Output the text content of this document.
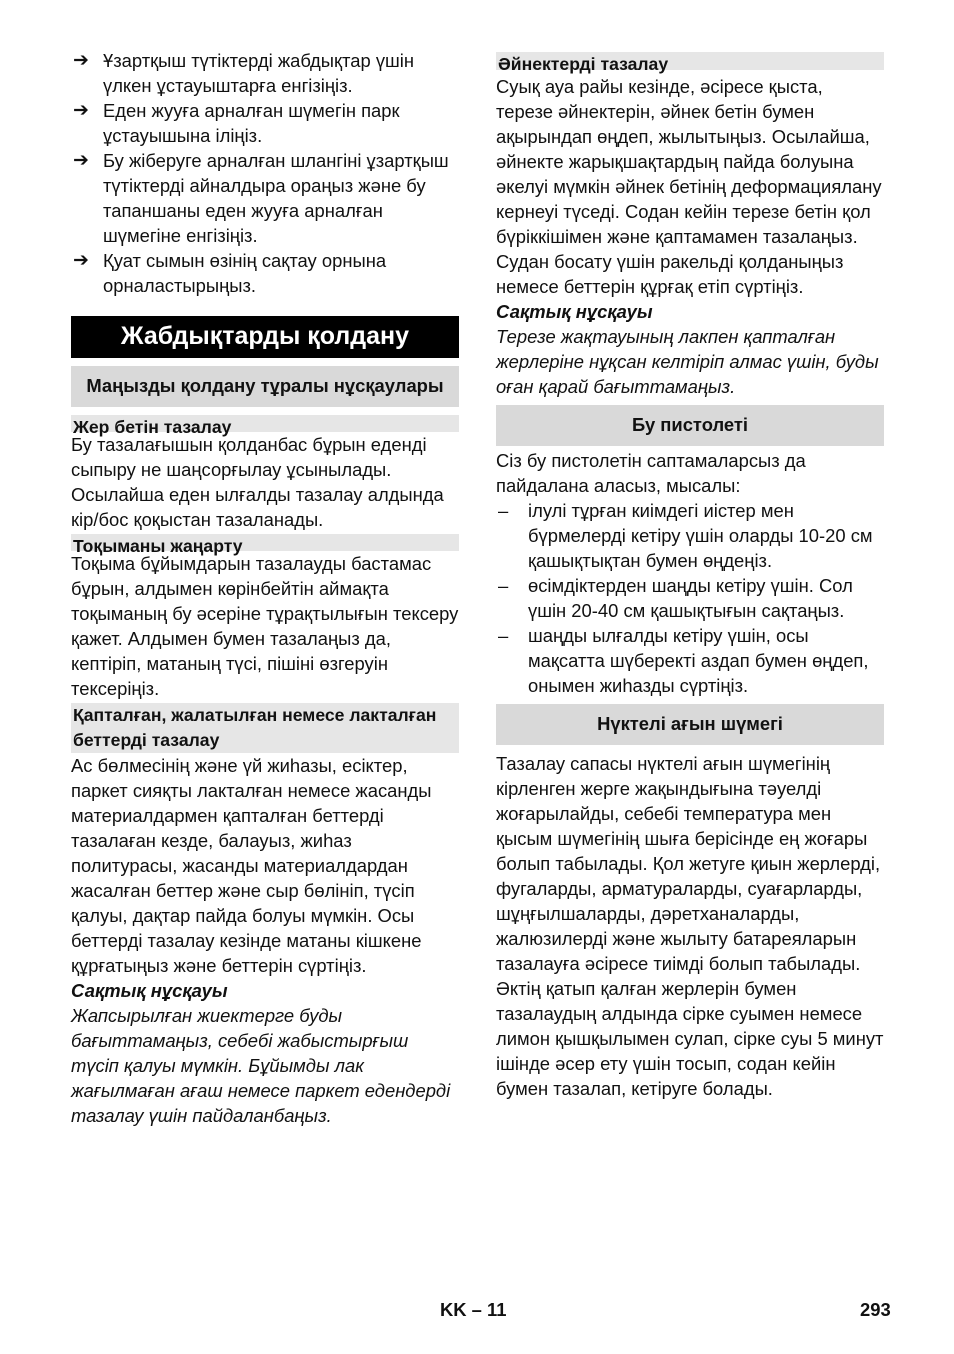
➔ Ұзартқыш түтіктерді жабдықтар үшін үлкен ұстауыштарға енгізіңіз.
➔ Еден жууға арналған шүмегін парк ұстауышына іліңіз.
➔ Бу жіберуге арналған шлангіні ұзартқыш түтіктерді айналдыра ораңыз және бу тапаншаны еден жууға арналған шүмегіне енгізіңіз.
➔ Қуат сымын өзінің сақтау орнына орналастырыңыз.
Жабдықтарды қолдану
Маңызды қолдану тұралы нұсқаулары
Жер бетін тазалау

Бу тазалағышын қолданбас бұрын еденді сыпыру не шаңсорғылау ұсынылады. Осылайша еден ылғалды тазалау алдында кір/бос қоқыстан тазаланады.

Тоқыманы жаңарту

Тоқыма бұйымдарын тазалауды бастамас бұрын, алдымен көрінбейтін аймақта тоқыманың бу әсеріне тұрақтылығын тексеру қажет. Алдымен бумен тазалаңыз да, кептіріп, матаның түсі, пішіні өзгеруін тексеріңіз.

Қапталған, жалатылған немесе лакталған беттерді тазалау

Ас бөлмесінің және үй жиһазы, есіктер, паркет сияқты лакталған немесе жасанды материалдармен қапталған беттерді тазалаған кезде, балауыз, жиһаз политурасы, жасанды материалдардан жасалған беттер және сыр бөлініп, түсіп қалуы, дақтар пайда болуы мүмкін. Осы беттерді тазалау кезінде матаны кішкене құрғатыңыз және беттерін сүртіңіз.

Сақтық нұсқауы

Жапсырылған жиектерге буды бағыттамаңыз, себебі жабыстырғыш түсіп қалуы мүмкін. Бұйымды лак жағылмаған ағаш немесе паркет едендерді тазалау үшін пайдаланбаңыз.

Әйнектерді тазалау

Суық ауа райы кезінде, әсіресе қыста, терезе әйнектерін, әйнек бетін бумен ақырындап өңдеп, жылытыңыз. Осылайша, әйнекте жарықшақтардың пайда болуына әкелуі мүмкін әйнек бетінің деформациялану кернеуі түседі. Содан кейін терезе бетін қол бүріккішімен және қаптамамен тазалаңыз. Судан босату үшін ракельді қолданыңыз немесе беттерін құрғақ етіп сүртіңіз.

Сақтық нұсқауы

Терезе жақтауының лакпен қапталған жерлеріне нұқсан келтіріп алмас үшін, буды оған қарай бағыттамаңыз.

Бу пистолеті

Сіз бу пистолетін саптамаларсыз да пайдалана аласыз, мысалы:

– ілулі тұрған киімдегі иістер мен бүрмелерді кетіру үшін оларды 10-20 см қашықтықтан бумен өңдеңіз.
– өсімдіктерден шаңды кетіру үшін. Сол үшін 20-40 см қашықтығын сақтаңыз.
– шаңды ылғалды кетіру үшін, осы мақсатта шүберекті аздап бумен өңдеп, онымен жиһазды сүртіңіз.
Нүктелі ағын шүмегі

Тазалау сапасы нүктелі ағын шүмегінің кірленген жерге жақындығына тәуелді жоғарылайды, себебі температура мен қысым шүмегінің шыға берісінде ең жоғары болып табылады. Қол жетуге қиын жерлерді, фугаларды, арматураларды, суағарларды, шұңғылшаларды, дәретханаларды, жалюзилерді және жылыту батареяларын тазалауға әсіресе тиімді болып табылады. Әктің қатып қалған жерлерін бумен тазалаудың алдында сірке суымен немесе лимон қышқылымен сулап, сірке суы 5 минут ішінде әсер ету үшін тосып, содан кейін бумен тазалап, кетіруге болады.

KK – 11	293
